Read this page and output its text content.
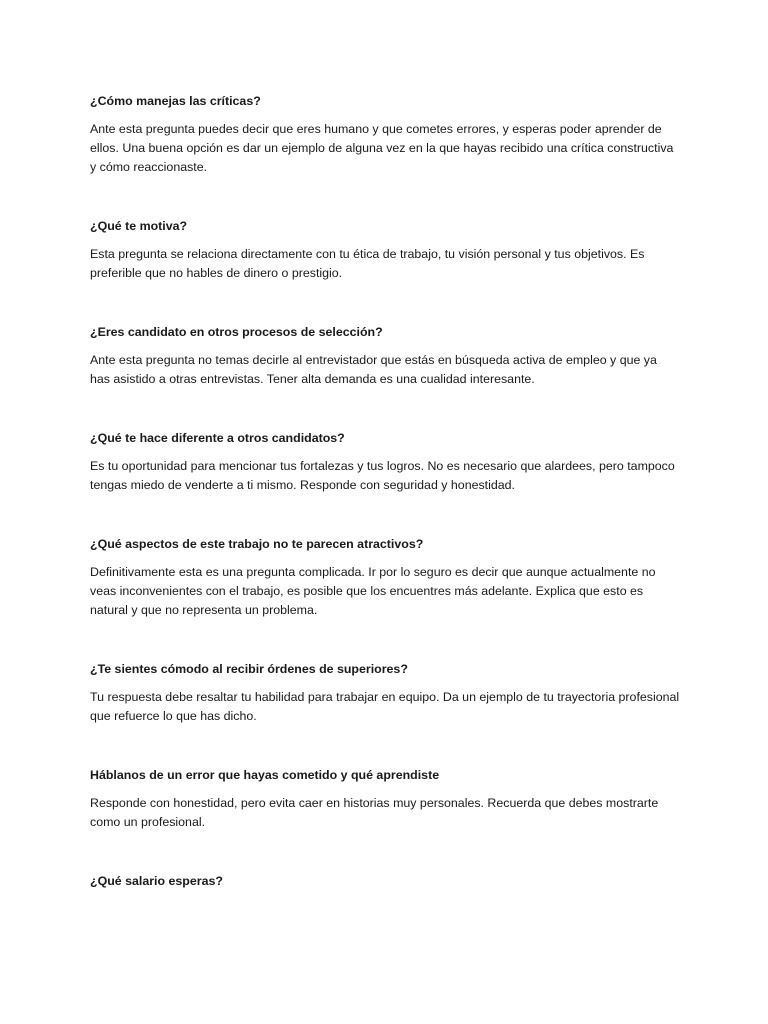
¿Cómo manejas las críticas?

Ante esta pregunta puedes decir que eres humano y que cometes errores, y esperas poder aprender de ellos. Una buena opción es dar un ejemplo de alguna vez en la que hayas recibido una crítica constructiva y cómo reaccionaste.

¿Qué te motiva?

Esta pregunta se relaciona directamente con tu ética de trabajo, tu visión personal y tus objetivos. Es preferible que no hables de dinero o prestigio.

¿Eres candidato en otros procesos de selección?

Ante esta pregunta no temas decirle al entrevistador que estás en búsqueda activa de empleo y que ya has asistido a otras entrevistas. Tener alta demanda es una cualidad interesante.

¿Qué te hace diferente a otros candidatos?

Es tu oportunidad para mencionar tus fortalezas y tus logros. No es necesario que alardees, pero tampoco tengas miedo de venderte a ti mismo. Responde con seguridad y honestidad.

¿Qué aspectos de este trabajo no te parecen atractivos?

Definitivamente esta es una pregunta complicada. Ir por lo seguro es decir que aunque actualmente no veas inconvenientes con el trabajo, es posible que los encuentres más adelante. Explica que esto es natural y que no representa un problema.

¿Te sientes cómodo al recibir órdenes de superiores?

Tu respuesta debe resaltar tu habilidad para trabajar en equipo. Da un ejemplo de tu trayectoria profesional que refuerce lo que has dicho.

Háblanos de un error que hayas cometido y qué aprendiste

Responde con honestidad, pero evita caer en historias muy personales. Recuerda que debes mostrarte como un profesional.

¿Qué salario esperas?
